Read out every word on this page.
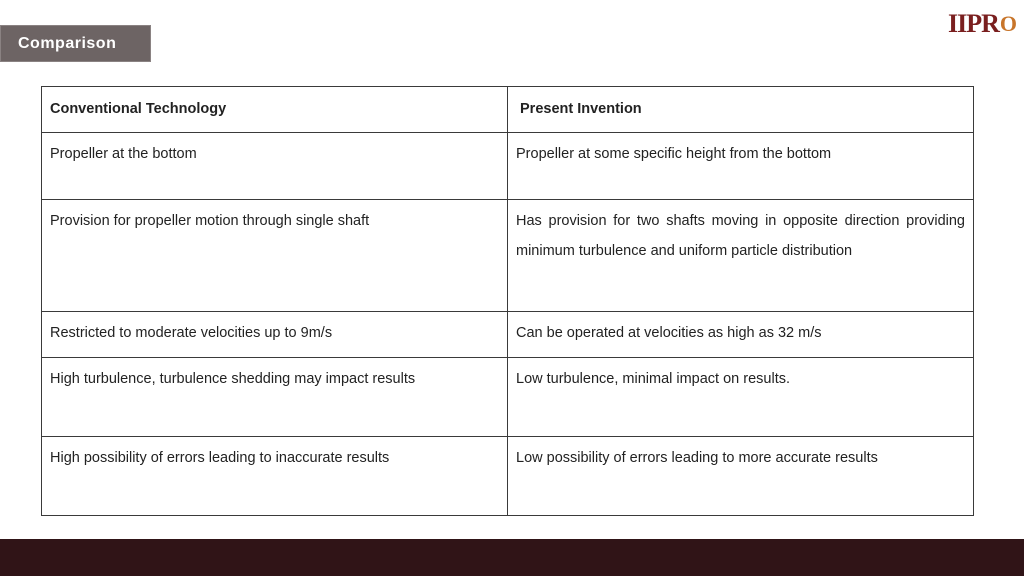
Comparison
IIPR O
Conventional Technology	Present Invention
Propeller at the bottom	Propeller at some specific height from the bottom
Provision for propeller motion through single shaft	Has provision for two shafts moving in opposite direction providing minimum turbulence and uniform particle distribution
Restricted to moderate velocities up to 9m/s	Can be operated at velocities as high as 32 m/s
High turbulence, turbulence shedding may impact results	Low turbulence, minimal impact on results.
High possibility of errors leading to inaccurate results	Low possibility of errors leading to more accurate results
